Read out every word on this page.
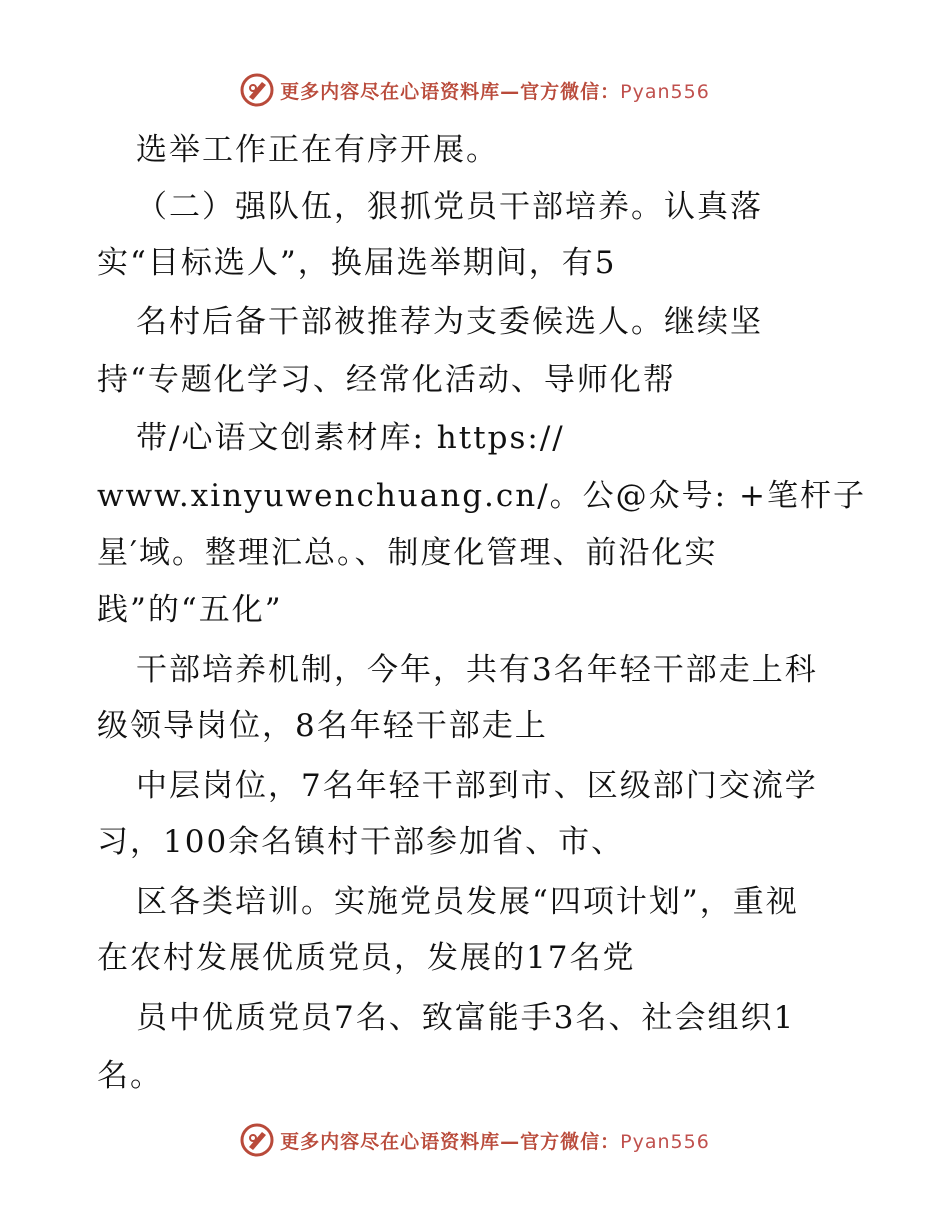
更多内容尽在心语资料库—官方微信：Pyan556
选举工作正在有序开展。
（二）强队伍，狠抓党员干部培养。认真落
实“目标选人”，换届选举期间，有5
名村后备干部被推荐为支委候选人。继续坚
持“专题化学习、经常化活动、导师化帮
带/心语文创素材库: https://
www.xinyuwenchuang.cn/。公@众号: +笔杆子
星′域。整理汇总。、制度化管理、前沿化实
践”的“五化”
干部培养机制，今年，共有3名年轻干部走上科
级领导岗位，8名年轻干部走上
中层岗位，7名年轻干部到市、区级部门交流学
习，100余名镇村干部参加省、市、
区各类培训。实施党员发展“四项计划”，重视
在农村发展优质党员，发展的17名党
员中优质党员7名、致富能手3名、社会组织1
名。
更多内容尽在心语资料库—官方微信：Pyan556
